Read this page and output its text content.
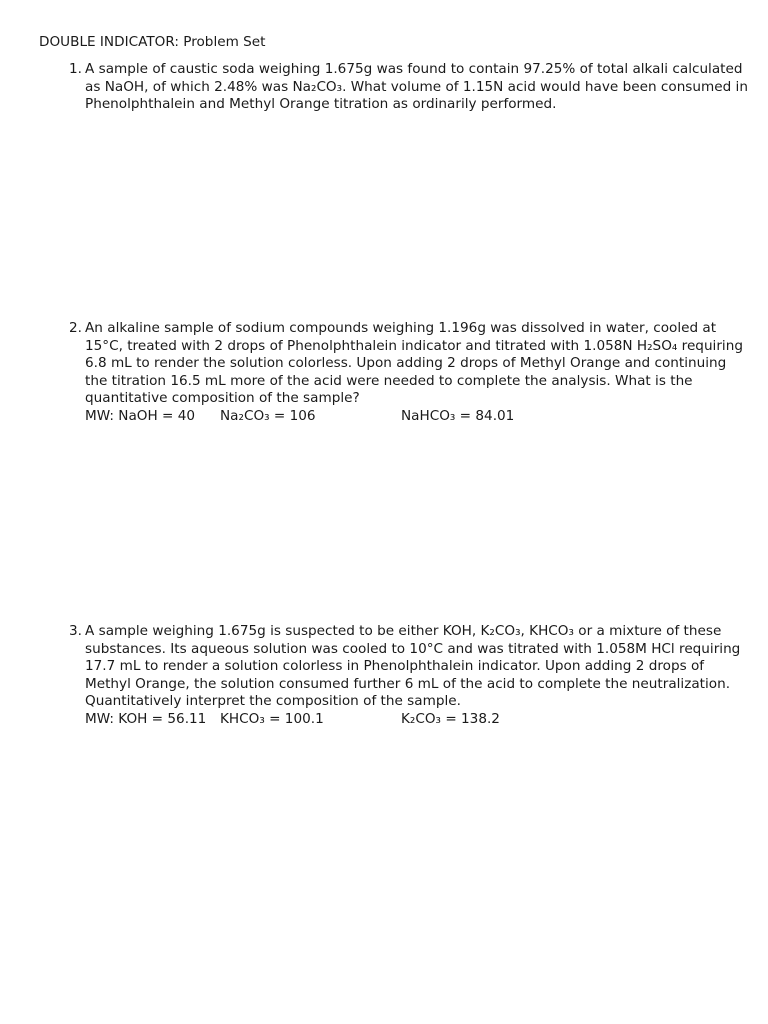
DOUBLE INDICATOR: Problem Set
1. A sample of caustic soda weighing 1.675g was found to contain 97.25% of total alkali calculated as NaOH, of which 2.48% was Na₂CO₃. What volume of 1.15N acid would have been consumed in Phenolphthalein and Methyl Orange titration as ordinarily performed.

2. An alkaline sample of sodium compounds weighing 1.196g was dissolved in water, cooled at 15°C, treated with 2 drops of Phenolphthalein indicator and titrated with 1.058N H₂SO₄ requiring 6.8 mL to render the solution colorless. Upon adding 2 drops of Methyl Orange and continuing the titration 16.5 mL more of the acid were needed to complete the analysis. What is the quantitative composition of the sample?

MW: NaOH = 40 Na₂CO₃ = 106	NaHCO₃ = 84.01
3. A sample weighing 1.675g is suspected to be either KOH, K₂CO₃, KHCO₃ or a mixture of these substances. Its aqueous solution was cooled to 10°C and was titrated with 1.058M HCl requiring 17.7 mL to render a solution colorless in Phenolphthalein indicator. Upon adding 2 drops of Methyl Orange, the solution consumed further 6 mL of the acid to complete the neutralization. Quantitatively interpret the composition of the sample.

MW: KOH = 56.11 KHCO₃ = 100.1	K₂CO₃ = 138.2
